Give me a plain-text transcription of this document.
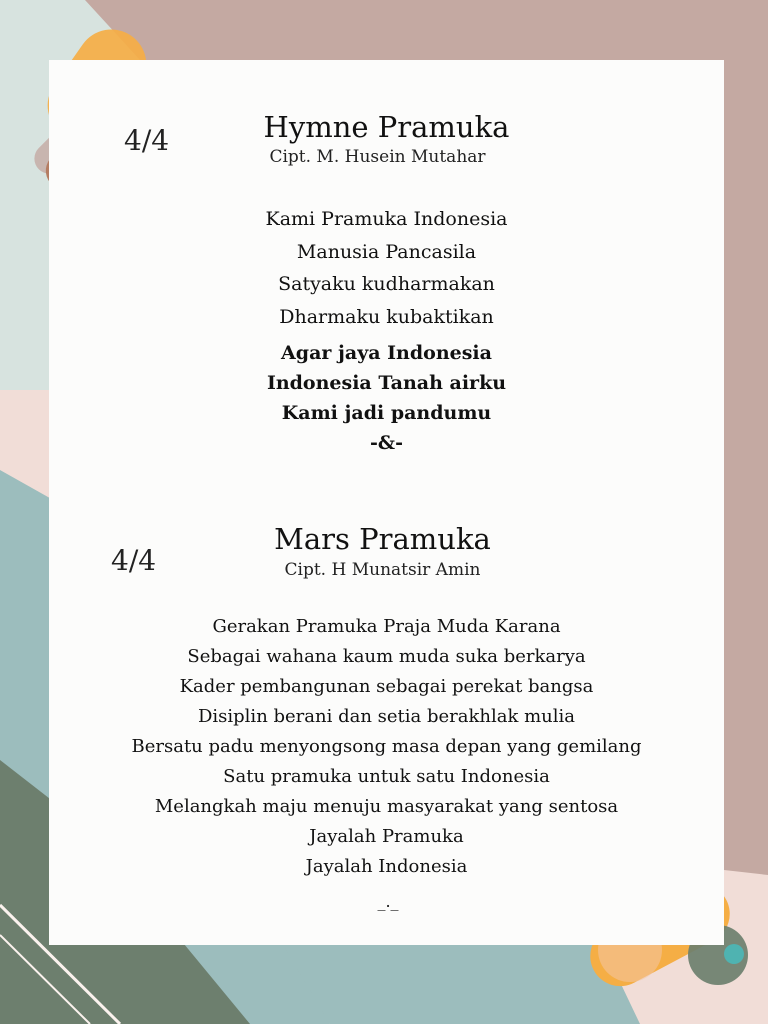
4/4	Hymne Pramuka
Cipt. M. Husein Mutahar
Kami Pramuka Indonesia
Manusia Pancasila
Satyaku kudharmakan
Dharmaku kubaktikan
Agar jaya Indonesia
Indonesia Tanah airku
Kami jadi pandumu
-&-
4/4
Mars Pramuka
Cipt. H Munatsir Amin
Gerakan Pramuka Praja Muda Karana
Sebagai wahana kaum muda suka berkarya
Kader pembangunan sebagai perekat bangsa
Disiplin berani dan setia berakhlak mulia
Bersatu padu menyongsong masa depan yang gemilang
Satu pramuka untuk satu Indonesia
Melangkah maju menuju masyarakat yang sentosa
Jayalah Pramuka
Jayalah Indonesia
_._
